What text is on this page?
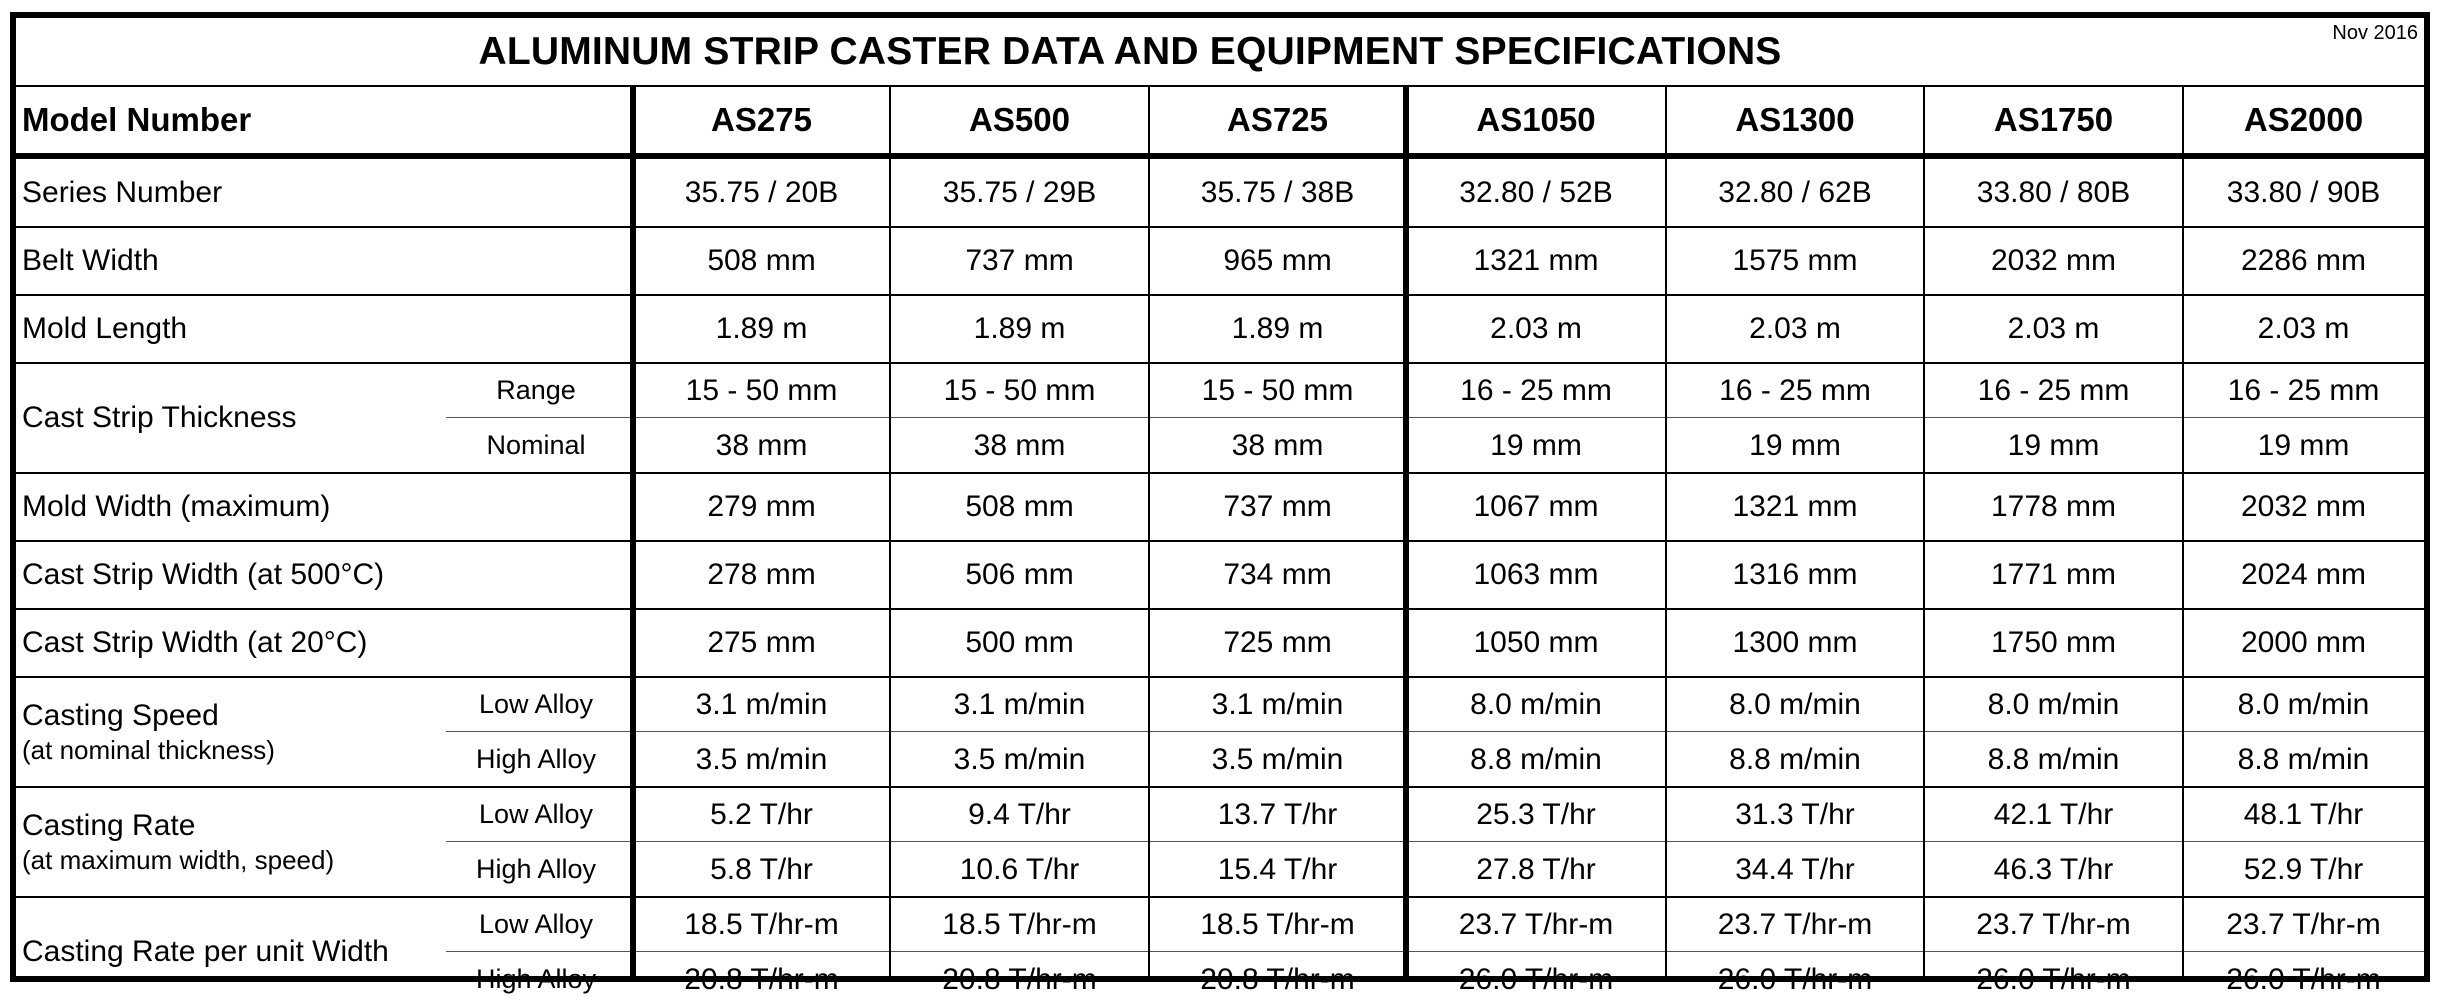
ALUMINUM STRIP CASTER DATA AND EQUIPMENT SPECIFICATIONS	Nov 2016
Model Number	AS275	AS500	AS725	AS1050	AS1300	AS1750	AS2000
Series Number	35.75 / 20B	35.75 / 29B	35.75 / 38B	32.80 / 52B	32.80 / 62B	33.80 / 80B	33.80 / 90B
Belt Width	508 mm	737 mm	965 mm	1321 mm	1575 mm	2032 mm	2286 mm
Mold Length	1.89 m	1.89 m	1.89 m	2.03 m	2.03 m	2.03 m	2.03 m
Cast Strip Thickness
Range	15 - 50 mm	15 - 50 mm	15 - 50 mm	16 - 25 mm	16 - 25 mm	16 - 25 mm	16 - 25 mm
Nominal	38 mm	38 mm	38 mm	19 mm	19 mm	19 mm	19 mm
Mold Width (maximum)	279 mm	508 mm	737 mm	1067 mm	1321 mm	1778 mm	2032 mm
Cast Strip Width (at 500°C)	278 mm	506 mm	734 mm	1063 mm	1316 mm	1771 mm	2024 mm
Cast Strip Width (at 20°C)	275 mm	500 mm	725 mm	1050 mm	1300 mm	1750 mm	2000 mm
Casting Speed
(at nominal thickness)
Low Alloy	3.1 m/min	3.1 m/min	3.1 m/min	8.0 m/min	8.0 m/min	8.0 m/min	8.0 m/min
High Alloy	3.5 m/min	3.5 m/min	3.5 m/min	8.8 m/min	8.8 m/min	8.8 m/min	8.8 m/min
Casting Rate
(at maximum width, speed)
Low Alloy	5.2 T/hr	9.4 T/hr	13.7 T/hr	25.3 T/hr	31.3 T/hr	42.1 T/hr	48.1 T/hr
High Alloy	5.8 T/hr	10.6 T/hr	15.4 T/hr	27.8 T/hr	34.4 T/hr	46.3 T/hr	52.9 T/hr
Casting Rate per unit Width
Low Alloy	18.5 T/hr-m	18.5 T/hr-m	18.5 T/hr-m	23.7 T/hr-m	23.7 T/hr-m	23.7 T/hr-m	23.7 T/hr-m
High Alloy	20.8 T/hr-m	20.8 T/hr-m	20.8 T/hr-m	26.0 T/hr-m	26.0 T/hr-m	26.0 T/hr-m	26.0 T/hr-m
